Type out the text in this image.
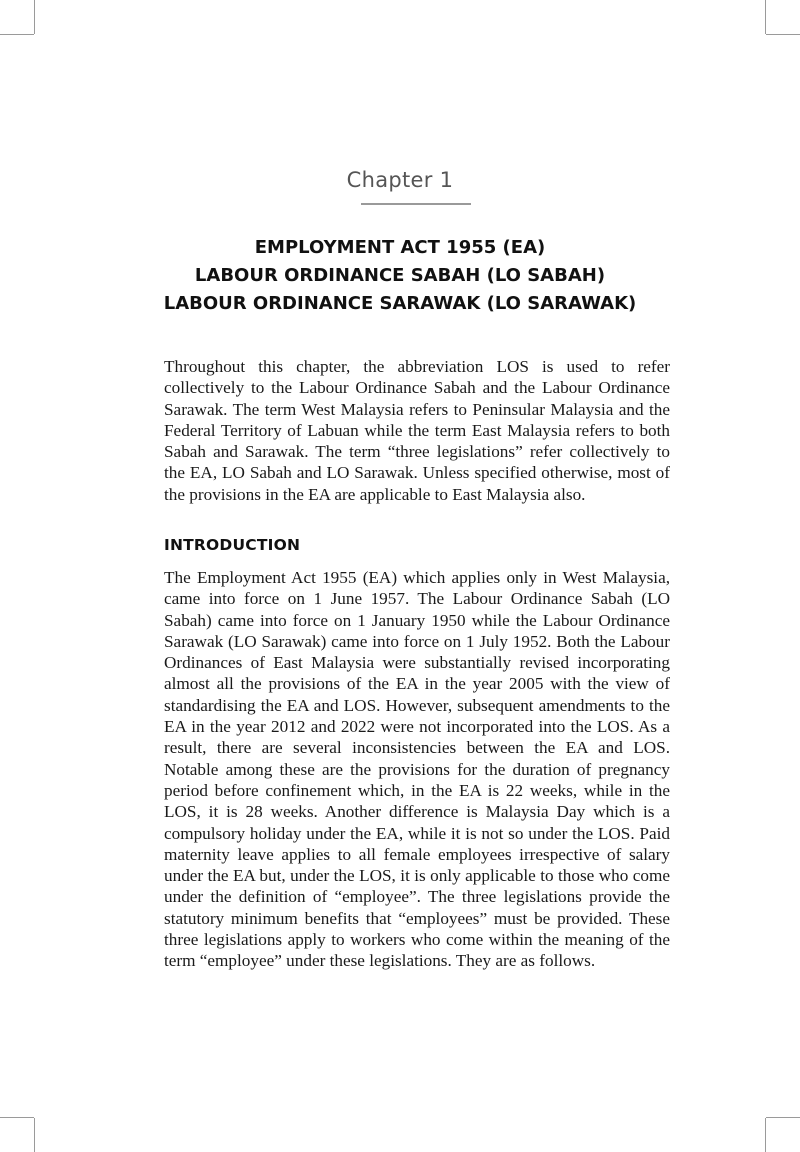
Chapter 1
EMPLOYMENT ACT 1955 (EA)
LABOUR ORDINANCE SABAH (LO SABAH)
LABOUR ORDINANCE SARAWAK (LO SARAWAK)

Throughout this chapter, the abbreviation LOS is used to refer collectively to the Labour Ordinance Sabah and the Labour Ordinance Sarawak. The term West Malaysia refers to Peninsular Malaysia and the Federal Territory of Labuan while the term East Malaysia refers to both Sabah and Sarawak. The term “three legislations” refer collectively to the EA, LO Sabah and LO Sarawak. Unless specified otherwise, most of the provisions in the EA are applicable to East Malaysia also.

INTRODUCTION

The Employment Act 1955 (EA) which applies only in West Malaysia, came into force on 1 June 1957. The Labour Ordinance Sabah (LO Sabah) came into force on 1 January 1950 while the Labour Ordinance Sarawak (LO Sarawak) came into force on 1 July 1952. Both the Labour Ordinances of East Malaysia were substantially revised incorporating almost all the provisions of the EA in the year 2005 with the view of standardising the EA and LOS. However, subsequent amendments to the EA in the year 2012 and 2022 were not incorporated into the LOS. As a result, there are several inconsistencies between the EA and LOS. Notable among these are the provisions for the duration of pregnancy period before confinement which, in the EA is 22 weeks, while in the LOS, it is 28 weeks. Another difference is Malaysia Day which is a compulsory holiday under the EA, while it is not so under the LOS. Paid maternity leave applies to all female employees irrespective of salary under the EA but, under the LOS, it is only applicable to those who come under the definition of “employee”. The three legislations provide the statutory minimum benefits that “employees” must be provided. These three legislations apply to workers who come within the meaning of the term “employee” under these legislations. They are as follows.
